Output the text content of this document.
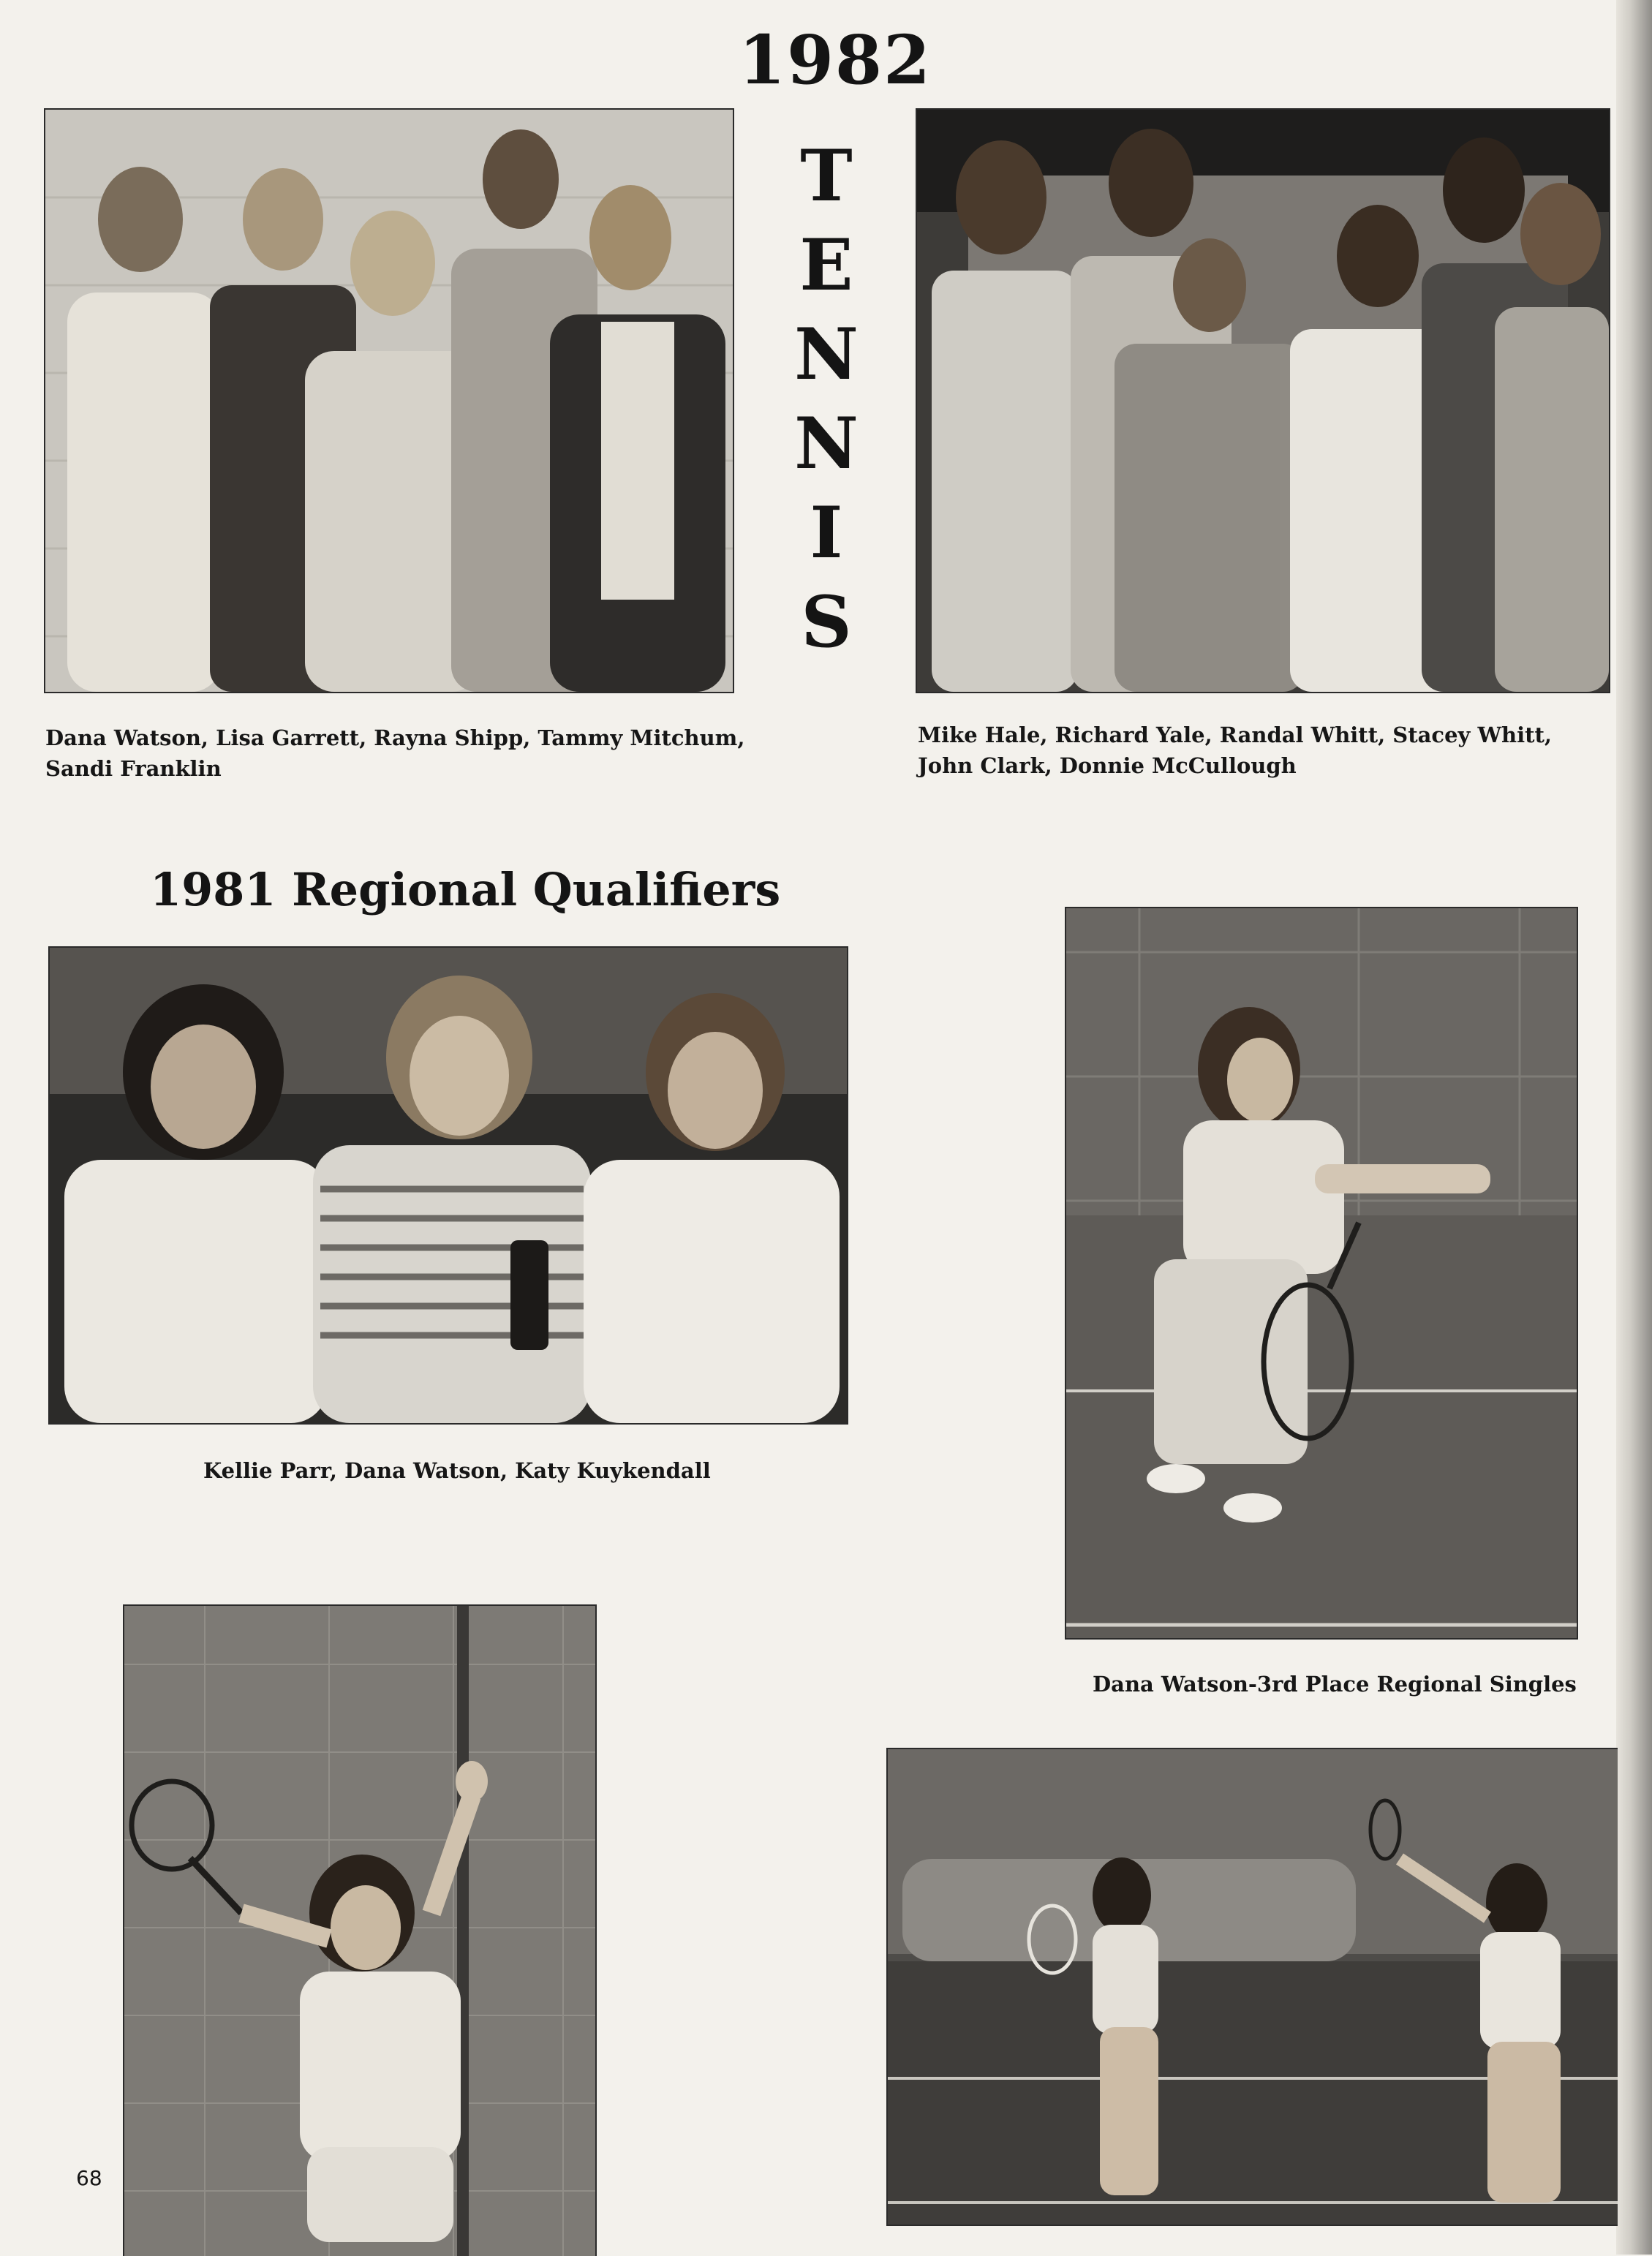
1982
T
E
N
N
I
S
Dana Watson, Lisa Garrett, Rayna Shipp, Tammy Mitchum, Sandi Franklin
Mike Hale, Richard Yale, Randal Whitt, Stacey Whitt, John Clark, Donnie McCullough
1981 Regional Qualifiers
Kellie Parr, Dana Watson, Katy Kuykendall
Dana Watson-3rd Place Regional Singles
68
